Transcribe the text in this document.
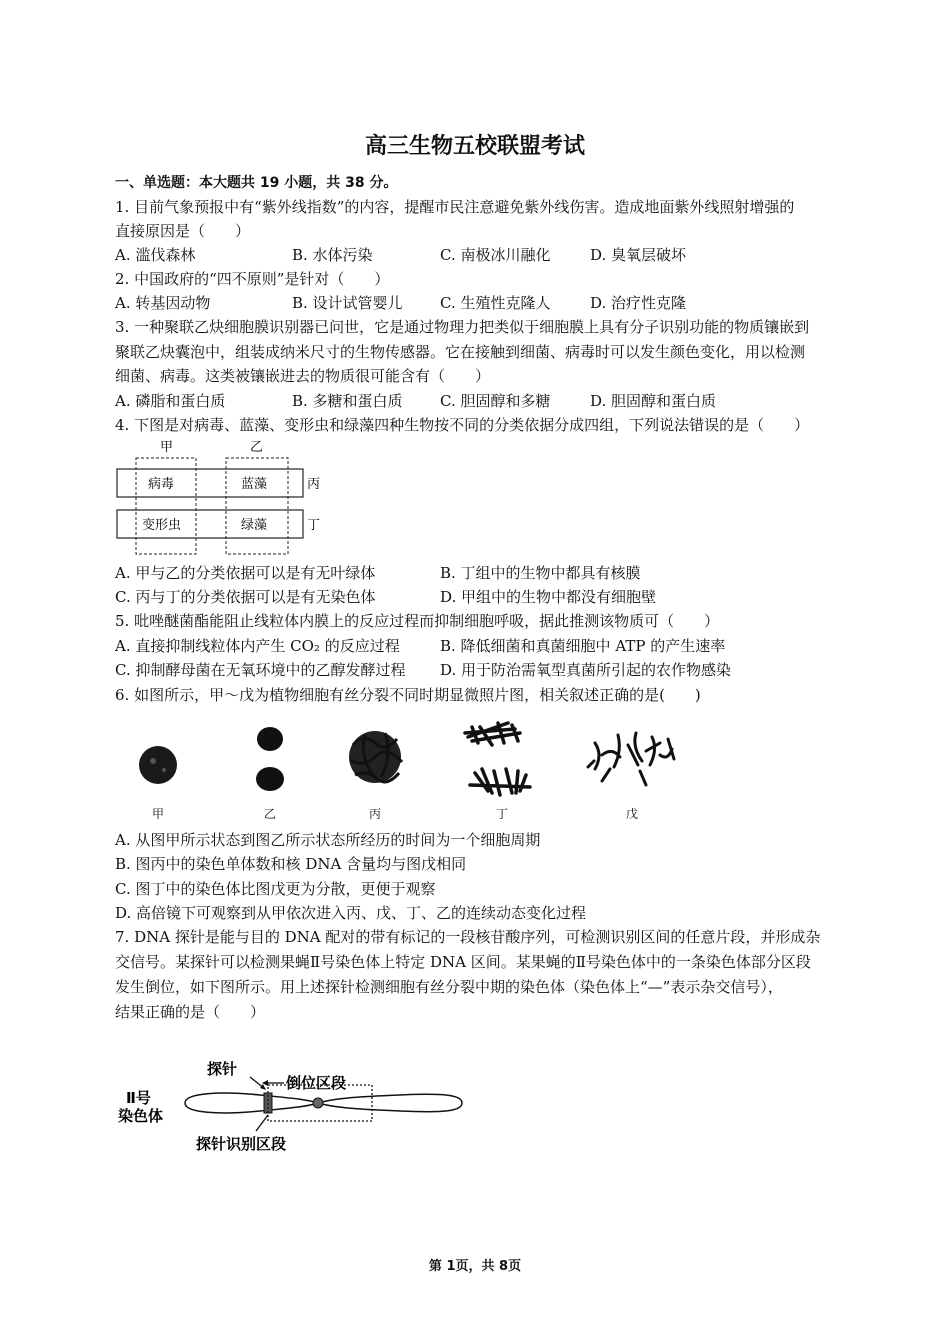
高三生物五校联盟考试
一、单选题：本大题共 19 小题，共 38 分。
1. 目前气象预报中有“紫外线指数”的内容，提醒市民注意避免紫外线伤害。造成地面紫外线照射增强的
直接原因是（　　）
A. 滥伐森林	B. 水体污染	C. 南极冰川融化	D. 臭氧层破坏
2. 中国政府的“四不原则”是针对（　　）
A. 转基因动物	B. 设计试管婴儿 C. 生殖性克隆人	D. 治疗性克隆
3. 一种聚联乙炔细胞膜识别器已问世，它是通过物理力把类似于细胞膜上具有分子识别功能的物质镶嵌到
聚联乙炔囊泡中，组装成纳米尺寸的生物传感器。它在接触到细菌、病毒时可以发生颜色变化，用以检测
细菌、病毒。这类被镶嵌进去的物质很可能含有（　　）
A. 磷脂和蛋白质	B. 多糖和蛋白质 C. 胆固醇和多糖	D. 胆固醇和蛋白质
4. 下图是对病毒、蓝藻、变形虫和绿藻四种生物按不同的分类依据分成四组，下列说法错误的是（　　）
甲	乙
病毒	蓝藻
变形虫	绿藻
丙
丁
A. 甲与乙的分类依据可以是有无叶绿体	B. 丁组中的生物中都具有核膜
C. 丙与丁的分类依据可以是有无染色体	D. 甲组中的生物中都没有细胞壁
5. 吡唑醚菌酯能阻止线粒体内膜上的反应过程而抑制细胞呼吸，据此推测该物质可（　　）
A. 直接抑制线粒体内产生 CO₂ 的反应过程	B. 降低细菌和真菌细胞中 ATP 的产生速率
C. 抑制酵母菌在无氧环境中的乙醇发酵过程 D. 用于防治需氧型真菌所引起的农作物感染
6. 如图所示，甲～戊为植物细胞有丝分裂不同时期显微照片图，相关叙述正确的是(　　)
甲	乙	丙	丁	戊
A. 从图甲所示状态到图乙所示状态所经历的时间为一个细胞周期
B. 图丙中的染色单体数和核 DNA 含量均与图戊相同
C. 图丁中的染色体比图戊更为分散，更便于观察
D. 高倍镜下可观察到从甲依次进入丙、戊、丁、乙的连续动态变化过程
7. DNA 探针是能与目的 DNA 配对的带有标记的一段核苷酸序列，可检测识别区间的任意片段，并形成杂
交信号。某探针可以检测果蝇Ⅱ号染色体上特定 DNA 区间。某果蝇的Ⅱ号染色体中的一条染色体部分区段
发生倒位，如下图所示。用上述探针检测细胞有丝分裂中期的染色体（染色体上“—”表示杂交信号），
结果正确的是（　　）
探针
倒位区段
Ⅱ号
染色体
探针识别区段
第 1页，共 8页
